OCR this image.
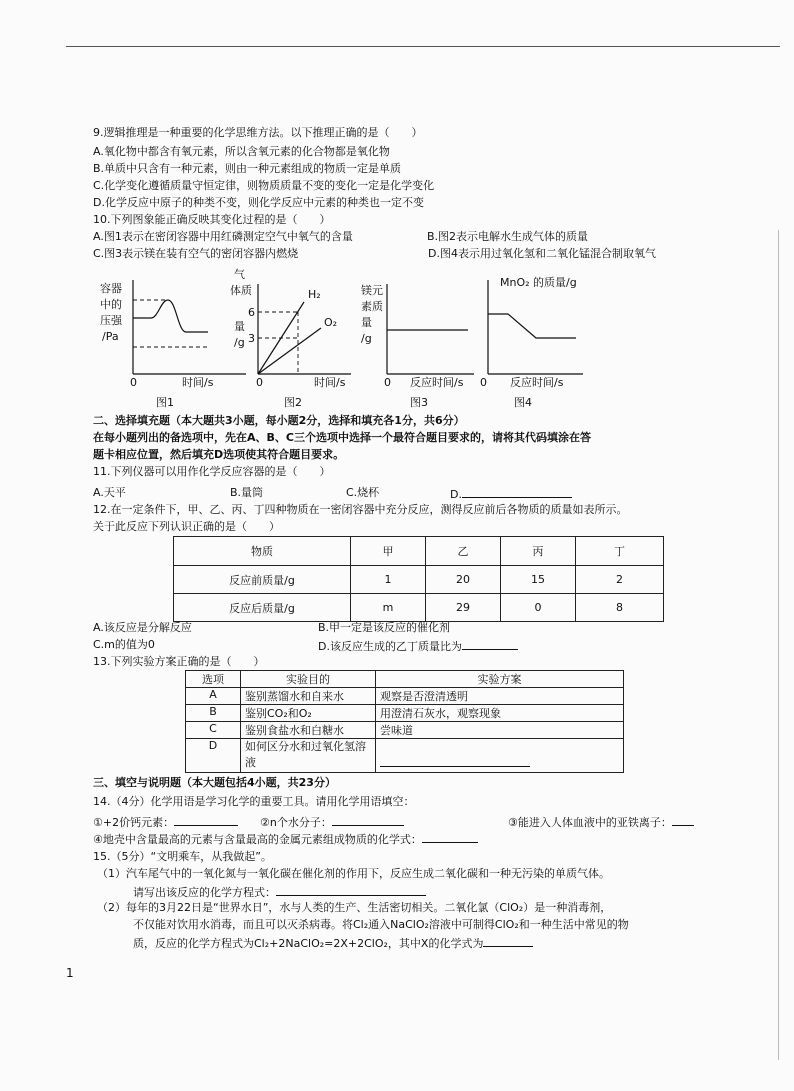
9.逻辑推理是一种重要的化学思维方法。以下推理正确的是（　　）
A.氧化物中都含有氧元素，所以含氧元素的化合物都是氧化物
B.单质中只含有一种元素，则由一种元素组成的物质一定是单质
C.化学变化遵循质量守恒定律，则物质质量不变的变化一定是化学变化
D.化学反应中原子的种类不变，则化学反应中元素的种类也一定不变
10.下列图象能正确反映其变化过程的是（　　）
A.图1表示在密闭容器中用红磷测定空气中氧气的含量	B.图2表示电解水生成气体的质量
C.图3表示镁在装有空气的密闭容器内燃烧	D.图4表示用过氧化氢和二氧化锰混合制取氧气
容器
中的
压强
/Pa
0	时间/s
图1
气
体质
量
/g
6
3
H₂
O₂
0	时间/s
图2
镁元
素质
量
/g
0 反应时间/s
图3
MnO₂ 的质量/g
0 反应时间/s
图4
二、选择填充题（本大题共3小题，每小题2分，选择和填充各1分，共6分）
在每小题列出的备选项中，先在A、B、C三个选项中选择一个最符合题目要求的，请将其代码填涂在答
题卡相应位置，然后填充D选项使其符合题目要求。
11.下列仪器可以用作化学反应容器的是（　　）
A.天平	B.量筒	C.烧杯	D.
12.在一定条件下，甲、乙、丙、丁四种物质在一密闭容器中充分反应，测得反应前后各物质的质量如表所示。
关于此反应下列认识正确的是（　　）
物质	甲	乙	丙	丁
反应前质量/g	1	20	15	2
反应后质量/g	m	29	0	8
A.该反应是分解反应	B.甲一定是该反应的催化剂
C.m的值为0	D.该反应生成的乙丁质量比为
13.下列实验方案正确的是（　　）
选项	实验目的	实验方案
A	鉴别蒸馏水和自来水	观察是否澄清透明
B	鉴别CO₂和O₂	用澄清石灰水，观察现象
C	鉴别食盐水和白糖水	尝味道
D	如何区分水和过氧化氢溶液	
三、填空与说明题（本大题包括4小题，共23分）
14.（4分）化学用语是学习化学的重要工具。请用化学用语填空：
①+2价钙元素：	②n个水分子：	③能进入人体血液中的亚铁离子：
④地壳中含量最高的元素与含量最高的金属元素组成物质的化学式：
15.（5分）“文明乘车，从我做起”。
（1）汽车尾气中的一氧化氮与一氧化碳在催化剂的作用下，反应生成二氧化碳和一种无污染的单质气体。
请写出该反应的化学方程式：
（2）每年的3月22日是“世界水日”，水与人类的生产、生活密切相关。二氧化氯（ClO₂）是一种消毒剂，
不仅能对饮用水消毒，而且可以灭杀病毒。将Cl₂通入NaClO₂溶液中可制得ClO₂和一种生活中常见的物
质，反应的化学方程式为Cl₂+2NaClO₂=2X+2ClO₂，其中X的化学式为
1
